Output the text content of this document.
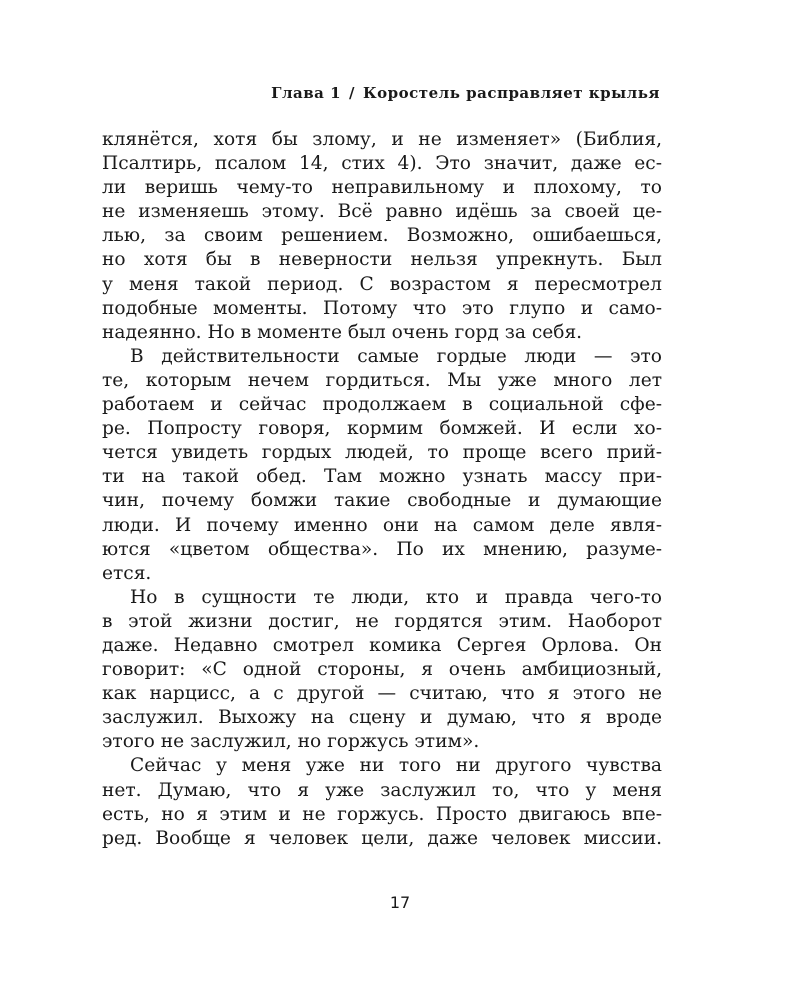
Глава 1 / Коростель расправляет крылья
клянётся, хотя бы злому, и не изменяет» (Библия,
Псалтирь, псалом 14, стих 4). Это значит, даже ес-
ли веришь чему-то неправильному и плохому, то
не изменяешь этому. Всё равно идёшь за своей це-
лью, за своим решением. Возможно, ошибаешься,
но хотя бы в неверности нельзя упрекнуть. Был
у меня такой период. С возрастом я пересмотрел
подобные моменты. Потому что это глупо и само-
надеянно. Но в моменте был очень горд за себя.
В действительности самые гордые люди — это
те, которым нечем гордиться. Мы уже много лет
работаем и сейчас продолжаем в социальной сфе-
ре. Попросту говоря, кормим бомжей. И если хо-
чется увидеть гордых людей, то проще всего прий-
ти на такой обед. Там можно узнать массу при-
чин, почему бомжи такие свободные и думающие
люди. И почему именно они на самом деле явля-
ются «цветом общества». По их мнению, разуме-
ется.
Но в сущности те люди, кто и правда чего-то
в этой жизни достиг, не гордятся этим. Наоборот
даже. Недавно смотрел комика Сергея Орлова. Он
говорит: «С одной стороны, я очень амбициозный,
как нарцисс, а с другой — считаю, что я этого не
заслужил. Выхожу на сцену и думаю, что я вроде
этого не заслужил, но горжусь этим».
Сейчас у меня уже ни того ни другого чувства
нет. Думаю, что я уже заслужил то, что у меня
есть, но я этим и не горжусь. Просто двигаюсь впе-
ред. Вообще я человек цели, даже человек миссии.
17
